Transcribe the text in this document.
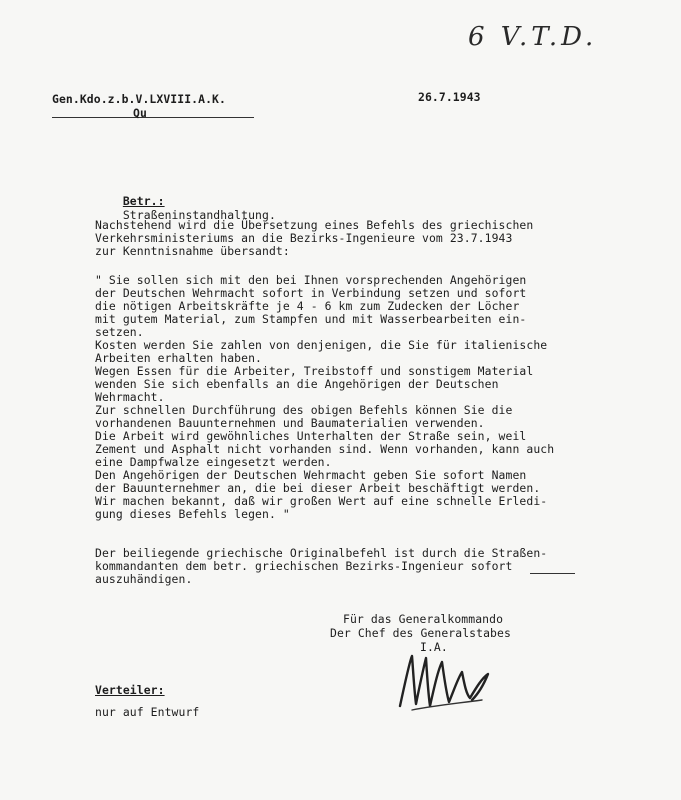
6 V.T.D.
Gen.Kdo.z.b.V.LXVIII.A.K.
Qu
26.7.1943

Betr.:
Straßeninstandhaltung.

Nachstehend wird die Übersetzung eines Befehls des griechischen
Verkehrsministeriums an die Bezirks-Ingenieure vom 23.7.1943
zur Kenntnisnahme übersandt:
" Sie sollen sich mit den bei Ihnen vorsprechenden Angehörigen
der Deutschen Wehrmacht sofort in Verbindung setzen und sofort
die nötigen Arbeitskräfte je 4 - 6 km zum Zudecken der Löcher
mit gutem Material, zum Stampfen und mit Wasserbearbeiten ein-
setzen.
Kosten werden Sie zahlen von denjenigen, die Sie für italienische
Arbeiten erhalten haben.
Wegen Essen für die Arbeiter, Treibstoff und sonstigem Material
wenden Sie sich ebenfalls an die Angehörigen der Deutschen
Wehrmacht.
Zur schnellen Durchführung des obigen Befehls können Sie die
vorhandenen Bauunternehmen und Baumaterialien verwenden.
Die Arbeit wird gewöhnliches Unterhalten der Straße sein, weil
Zement und Asphalt nicht vorhanden sind. Wenn vorhanden, kann auch
eine Dampfwalze eingesetzt werden.
Den Angehörigen der Deutschen Wehrmacht geben Sie sofort Namen
der Bauunternehmer an, die bei dieser Arbeit beschäftigt werden.
Wir machen bekannt, daß wir großen Wert auf eine schnelle Erledi-
gung dieses Befehls legen. "
Der beiliegende griechische Originalbefehl ist durch die Straßen-
kommandanten dem betr. griechischen Bezirks-Ingenieur sofort
auszuhändigen.
Für das Generalkommando
Der Chef des Generalstabes
I.A.
Verteiler:
nur auf Entwurf
